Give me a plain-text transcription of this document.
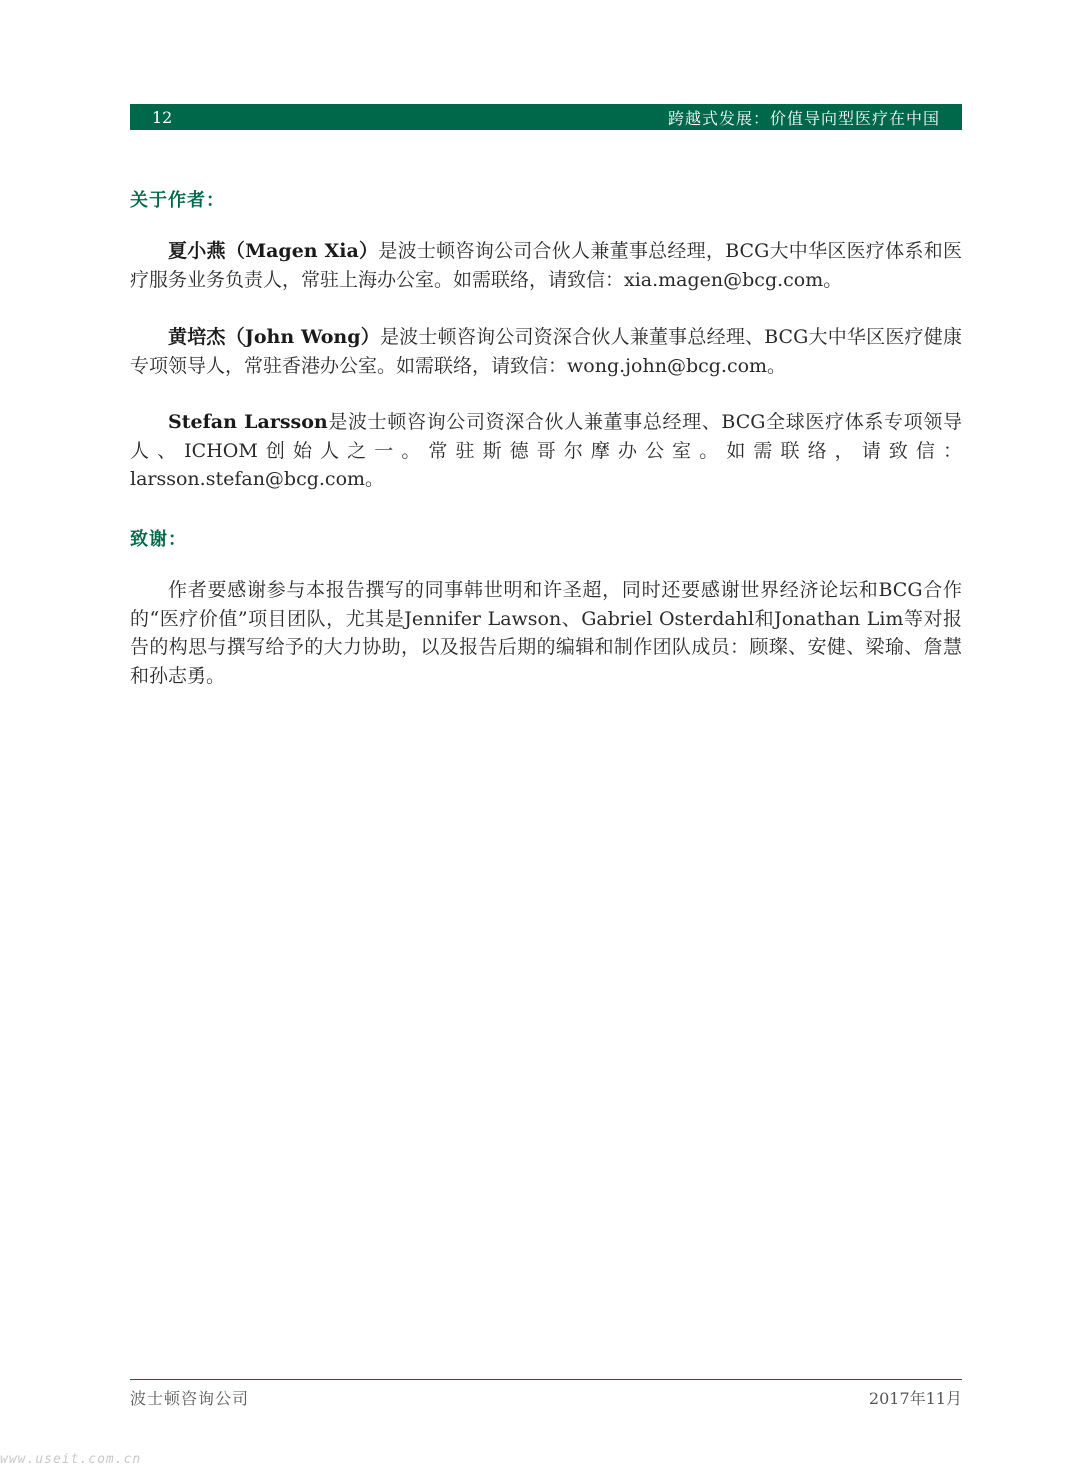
12	跨越式发展：价值导向型医疗在中国
关于作者：

夏小燕（Magen Xia）是波士顿咨询公司合伙人兼董事总经理，BCG大中华区医疗体系和医疗服务业务负责人，常驻上海办公室。如需联络，请致信：xia.magen@bcg.com。

黄培杰（John Wong）是波士顿咨询公司资深合伙人兼董事总经理、BCG大中华区医疗健康专项领导人，常驻香港办公室。如需联络，请致信：wong.john@bcg.com。

Stefan Larsson是波士顿咨询公司资深合伙人兼董事总经理、BCG全球医疗体系专项领导人、ICHOM创始人之一。常驻斯德哥尔摩办公室。如需联络，请致信：larsson.stefan@bcg.com。

致谢：

作者要感谢参与本报告撰写的同事韩世明和许圣超，同时还要感谢世界经济论坛和BCG合作的“医疗价值”项目团队，尤其是Jennifer Lawson、Gabriel Osterdahl和Jonathan Lim等对报告的构思与撰写给予的大力协助，以及报告后期的编辑和制作团队成员：顾璨、安健、梁瑜、詹慧和孙志勇。

波士顿咨询公司	2017年11月
www.useit.com.cn
